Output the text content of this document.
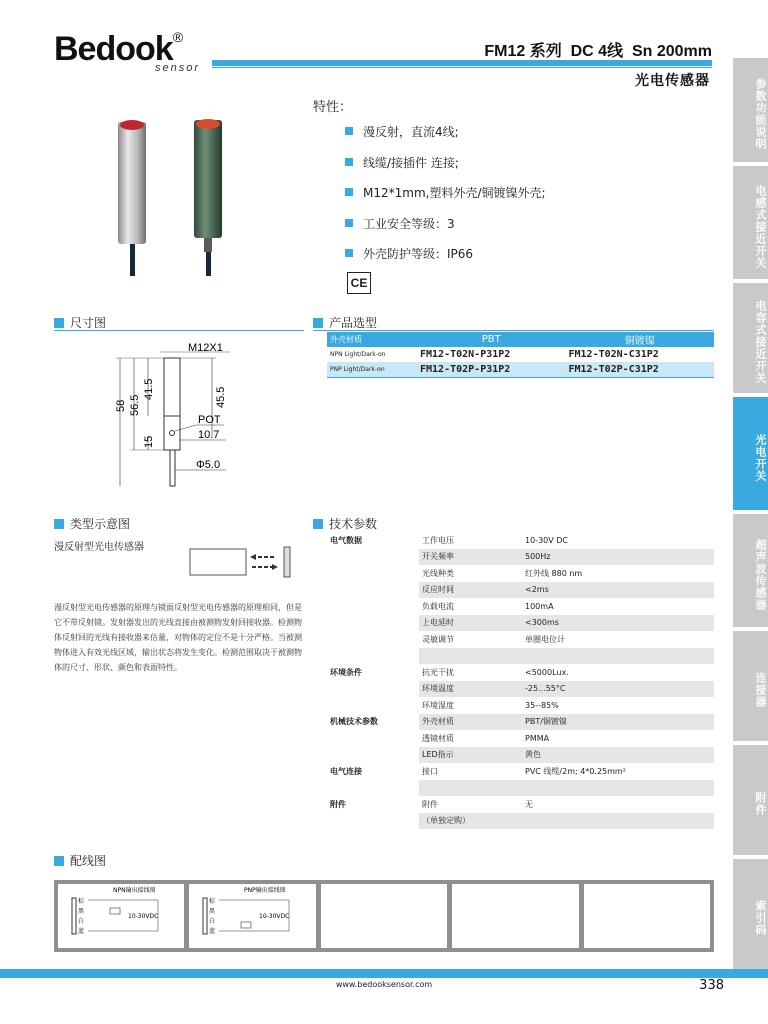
Bedook®
sensor
FM12 系列  DC 4线  Sn 200mm
光电传感器	参数功能说明
电感式接近开关
电容式接近开关
光电开关
超声波传感器
连接器
附件
索引码
特性：
漫反射，直流4线;
线缆/接插件 连接;
M12*1mm,塑料外壳/铜镀镍外壳;
工业安全等级：3
外壳防护等级：IP66
CE
尺寸图
58 56.5
41.5
15
45.5
M12X1
POT
10.7
Φ5.0
产品选型
外壳材质	PBT	铜镀镍
NPN Light/Dark-on	FM12-T02N-P31P2	FM12-T02N-C31P2
PNP Light/Dark-on	FM12-T02P-P31P2	FM12-T02P-C31P2
类型示意图
漫反射型光电传感器
漫反射型光电传感器的原理与镜面反射型光电传感器的原理相同，但是它不带反射镜。发射器发出的光线直接由被测物发射回接收器。检测物体反射回的光线有接收器来估量，对物体的定位不是十分严格。当被测物体进入有效光线区域，输出状态将发生变化。检测范围取决于被测物体的尺寸、形状、颜色和表面特性。
技术参数
电气数据	工作电压	10-30V DC
	开关频率	500Hz
	光线种类	红外线 880 nm
	反应时间	<2ms
	负载电流	100mA
	上电延时	<300ms
	灵敏调节	单圈电位计

环境条件	抗光干扰	<5000Lux.
	环境温度	-25...55°C
	环境湿度	35--85%
机械技术参数	外壳材质	PBT/铜镀镍
	透镜材质	PMMA
	LED指示	黄色
电气连接	接口	PVC 线缆/2m; 4*0.25mm²

附件	附件	无
	（单独定购）	
配线图
NPN输出接线图
棕
黑
白
蓝
10-30VDC
PNP输出接线图
棕
黑
白
蓝
10-30VDC
www.bedooksensor.com	338
